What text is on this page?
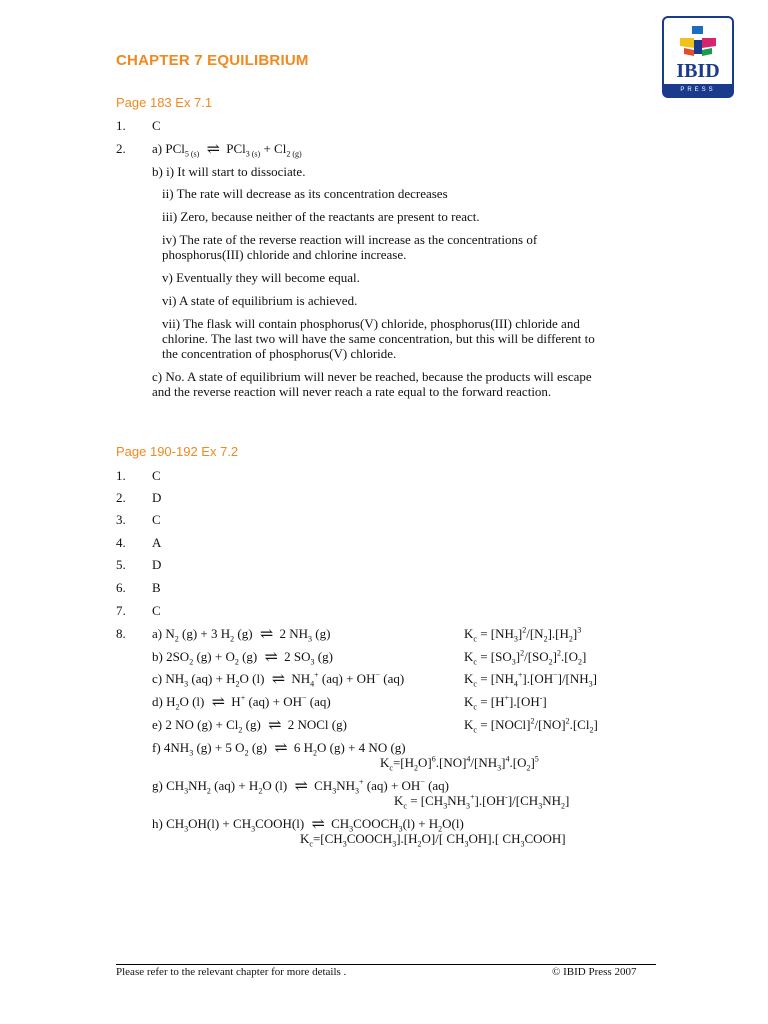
CHAPTER 7 EQUILIBRIUM	IBID
PRESS
Page 183 Ex 7.1
1. C
2. a) PCl$_{5 (s)}$ ⇌ $PCl_{3 (s)} + Cl_{2 (g)}$
b) i) It will start to dissociate.
ii) The rate will decrease as its concentration decreases
iii) Zero, because neither of the reactants are present to react.
iv) The rate of the reverse reaction will increase as the concentrations of phosphorus(III) chloride and chlorine increase.
v) Eventually they will become equal.
vi) A state of equilibrium is achieved.
vii) The flask will contain phosphorus(V) chloride, phosphorus(III) chloride and chlorine. The last two will have the same concentration, but this will be different to the concentration of phosphorus(V) chloride.
c) No. A state of equilibrium will never be reached, because the products will escape and the reverse reaction will never reach a rate equal to the forward reaction.
Page 190-192 Ex 7.2
1. C
2. D
3. C
4. A
5. D
6. B
7. C
8. a) $N_2$ (g) + 3 $H_2$ (g) ⇌ 2 $NH_3$ (g)	$K_c = [NH_3]^2/[N_2].[H_2]^3$
b) $2SO_2$ $(g) + O_2$ (g) ⇌ 2 $SO_3$ (g)	$K_c = [SO_3]^2/[SO_2]^2.[O_2]$
c) $NH_3$ $(aq) + H_2O$ (l) ⇌ $NH_4^+$ (aq) + OH− (aq)	$K_c = [NH_4^+].[OH^-]/[NH_3]$
d) $H_2O$ (l) ⇌ H+ (aq) + OH− (aq)	$K_c = [H^+].[OH^-]$
e) 2 NO $(g) + Cl_2$ (g) ⇌ 2 NOCl (g)	$K_c$ = $[NOCl]^2/[NO]^2.[Cl_2]$
f) $4NH_3$ (g) + 5 $O_2$ (g) ⇌ 6 $H_2O$ (g) + 4 NO (g)
$K_c=[H_2O]^6.[NO]^4/[NH_3]^4.[O_2]^5$
g) $CH_3NH_2$ $(aq) + H_2O$ (l) ⇌ $CH_3NH_3^+$ (aq) + OH− (aq)
$K_c = [CH_3NH_3^+].[OH^-]/[CH_3NH_2]$
h) $CH_3OH(l)$ + $CH_3COOH(l)$ ⇌ $CH_3COOCH_3(l) + H_2O(l)$
$K_c=[CH_3COOCH_3].[H_2O]/$[ $CH_3OH$].[ $CH_3COOH$]
Please refer to the relevant chapter for more details .	© IBID Press 2007
